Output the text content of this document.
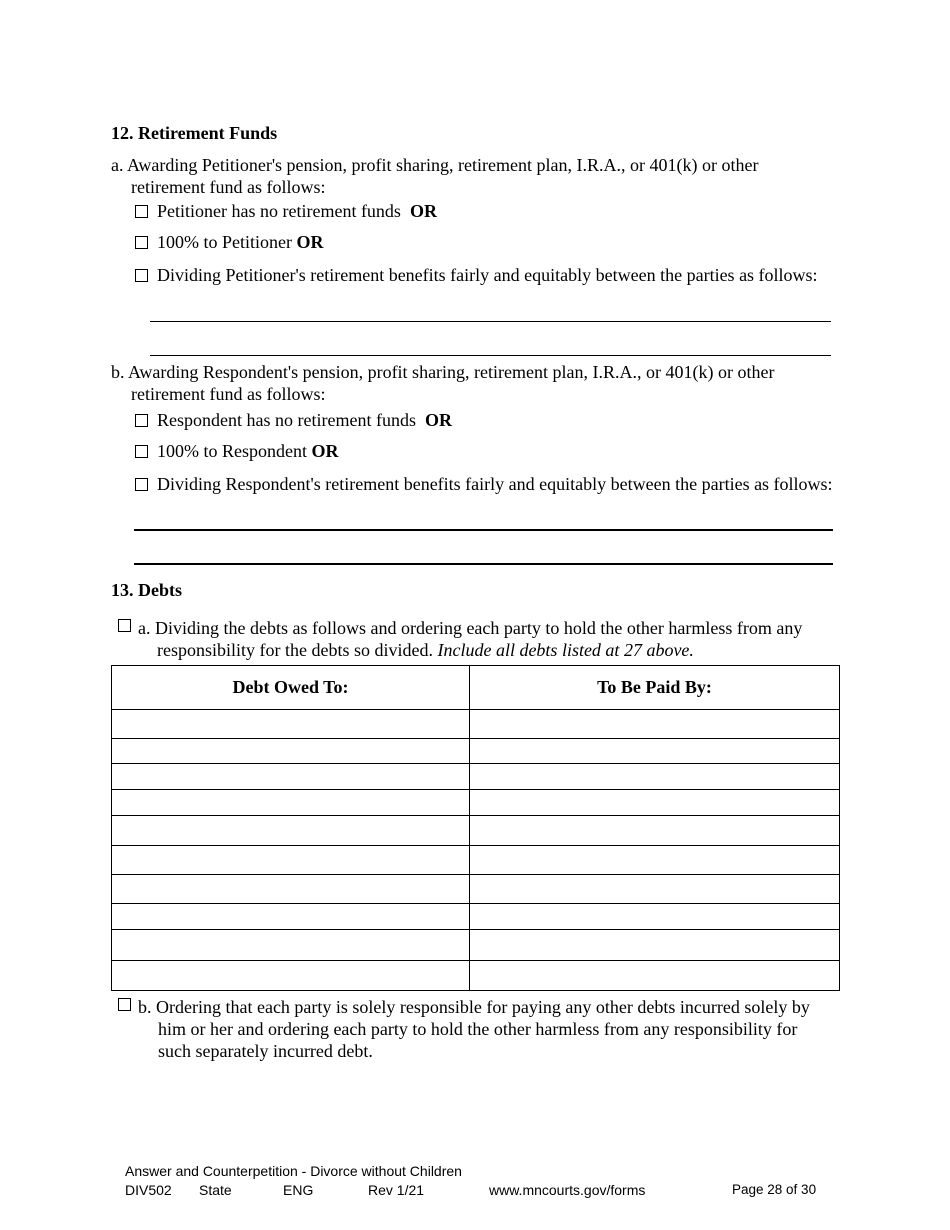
12. Retirement Funds
a. Awarding Petitioner's pension, profit sharing, retirement plan, I.R.A., or 401(k) or other
retirement fund as follows:
Petitioner has no retirement funds OR
100% to Petitioner OR
Dividing Petitioner's retirement benefits fairly and equitably between the parties as follows:
b. Awarding Respondent's pension, profit sharing, retirement plan, I.R.A., or 401(k) or other
retirement fund as follows:
Respondent has no retirement funds OR
100% to Respondent OR
Dividing Respondent's retirement benefits fairly and equitably between the parties as follows:
13. Debts
a. Dividing the debts as follows and ordering each party to hold the other harmless from any
responsibility for the debts so divided. Include all debts listed at 27 above.
Debt Owed To:	To Be Paid By:

b. Ordering that each party is solely responsible for paying any other debts incurred solely by
him or her and ordering each party to hold the other harmless from any responsibility for
such separately incurred debt.
Answer and Counterpetition - Divorce without Children
DIV502 State	ENG	Rev 1/21	www.mncourts.gov/forms	Page 28 of 30
